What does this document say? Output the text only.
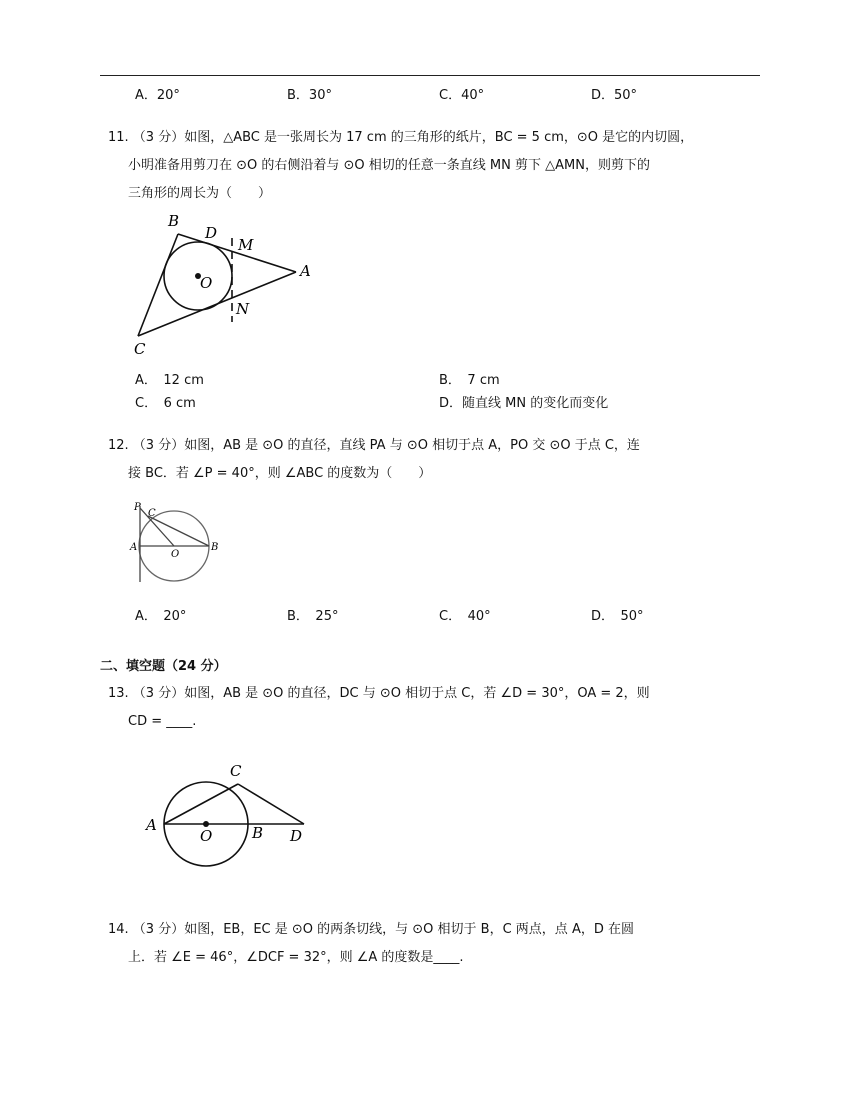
A．20°	B．30°	C．40°	D．50°
11. （3 分）如图，△ABC 是一张周长为 17 cm 的三角形的纸片，BC = 5 cm，⊙O 是它的内切圆，
小明准备用剪刀在 ⊙O 的右侧沿着与 ⊙O 相切的任意一条直线 MN 剪下 △AMN，则剪下的
三角形的周长为（　　）
B
D
M
O
A
N
C
A．　12 cm	B．　7 cm
C．　6 cm	D．随直线 MN 的变化而变化
12. （3 分）如图，AB 是 ⊙O 的直径，直线 PA 与 ⊙O 相切于点 A，PO 交 ⊙O 于点 C，连
接 BC．若 ∠P = 40°，则 ∠ABC 的度数为（　　）
P
C
A
O
B
A．　20°	B．　25°	C．　40°	D．　50°
二、填空题（24 分）
13. （3 分）如图，AB 是 ⊙O 的直径，DC 与 ⊙O 相切于点 C，若 ∠D = 30°，OA = 2，则
CD = ____.
C
A
O	B D
14. （3 分）如图，EB，EC 是 ⊙O 的两条切线，与 ⊙O 相切于 B，C 两点，点 A，D 在圆
上．若 ∠E = 46°，∠DCF = 32°，则 ∠A 的度数是____.
